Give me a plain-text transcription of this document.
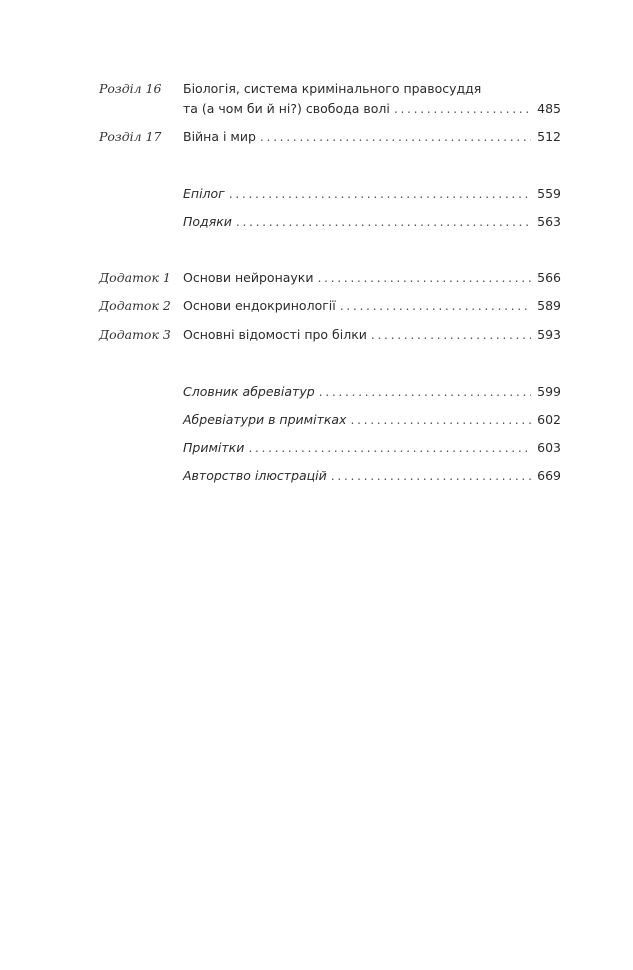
Розділ 16 Біологія, система кримінального правосуддя
та (а чом би й ні?) свобода волі .....	485
Розділ 17 Війна і мир .....	512
Епілог .....	559
Подяки .....	563
Додаток 1 Основи нейронауки .....	566
Додаток 2 Основи ендокринології .....	589
Додаток 3 Основні відомості про білки .....	593
Словник абревіатур .....	599
Абревіатури в примітках .....	602
Примітки .....	603
Авторство ілюстрацій .....	669
